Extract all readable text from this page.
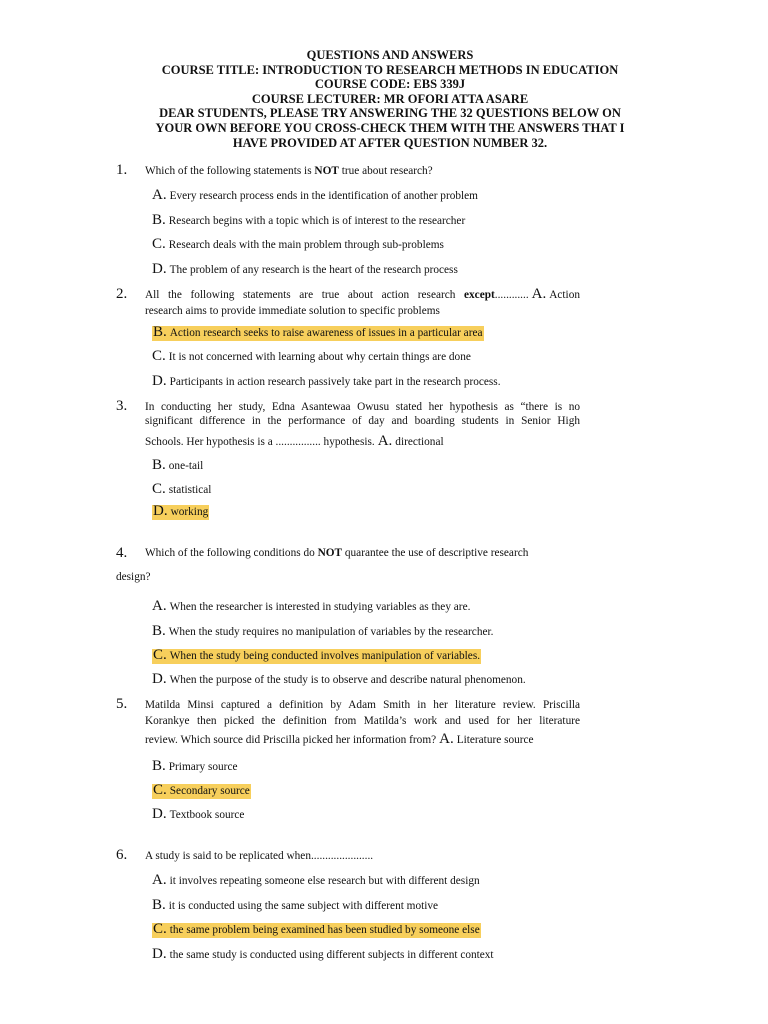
QUESTIONS AND ANSWERS
COURSE TITLE: INTRODUCTION TO RESEARCH METHODS IN EDUCATION
COURSE CODE: EBS 339J
COURSE LECTURER: MR OFORI ATTA ASARE
DEAR STUDENTS, PLEASE TRY ANSWERING THE 32 QUESTIONS BELOW ON
YOUR OWN BEFORE YOU CROSS-CHECK THEM WITH THE ANSWERS THAT I
HAVE PROVIDED AT AFTER QUESTION NUMBER 32.
1. Which of the following statements is NOT true about research?
A. Every research process ends in the identification of another problem
B. Research begins with a topic which is of interest to the researcher
C. Research deals with the main problem through sub-problems
D. The problem of any research is the heart of the research process
2. All the following statements are true about action research except............ A. Action
research aims to provide immediate solution to specific problems
B. Action research seeks to raise awareness of issues in a particular area
C. It is not concerned with learning about why certain things are done
D. Participants in action research passively take part in the research process.
3. In conducting her study, Edna Asantewaa Owusu stated her hypothesis as “there is no
significant difference in the performance of day and boarding students in Senior High
Schools. Her hypothesis is a ................ hypothesis. A. directional
B. one-tail
C. statistical
D. working
4. Which of the following conditions do NOT quarantee the use of descriptive research
design?
A. When the researcher is interested in studying variables as they are.
B. When the study requires no manipulation of variables by the researcher.
C. When the study being conducted involves manipulation of variables.
D. When the purpose of the study is to observe and describe natural phenomenon.
5. Matilda Minsi captured a definition by Adam Smith in her literature review. Priscilla
Korankye then picked the definition from Matilda’s work and used for her literature
review. Which source did Priscilla picked her information from? A. Literature source
B. Primary source
C. Secondary source
D. Textbook source
6. A study is said to be replicated when......................
A. it involves repeating someone else research but with different design
B. it is conducted using the same subject with different motive
C. the same problem being examined has been studied by someone else
D. the same study is conducted using different subjects in different context
